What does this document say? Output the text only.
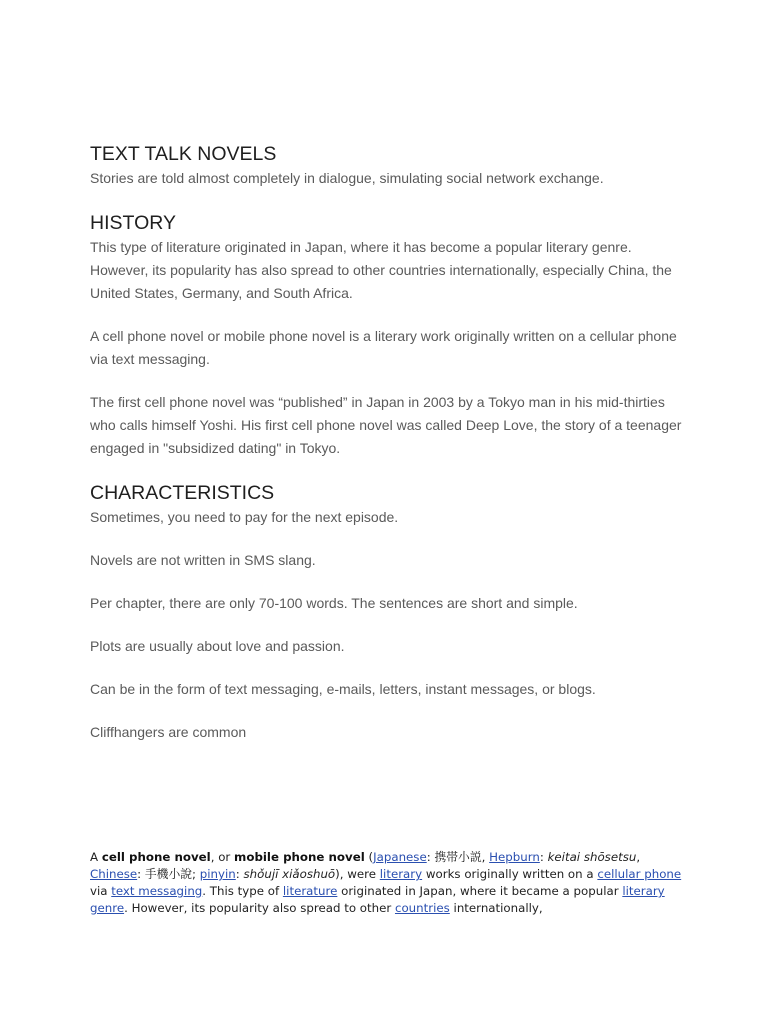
TEXT TALK NOVELS

Stories are told almost completely in dialogue, simulating social network exchange.

HISTORY

This type of literature originated in Japan, where it has become a popular literary genre. However, its popularity has also spread to other countries internationally, especially China, the United States, Germany, and South Africa.

A cell phone novel or mobile phone novel is a literary work originally written on a cellular phone via text messaging.

The first cell phone novel was “published” in Japan in 2003 by a Tokyo man in his mid-thirties who calls himself Yoshi. His first cell phone novel was called Deep Love, the story of a teenager engaged in "subsidized dating" in Tokyo.

CHARACTERISTICS

Sometimes, you need to pay for the next episode.

Novels are not written in SMS slang.

Per chapter, there are only 70-100 words. The sentences are short and simple.

Plots are usually about love and passion.

Can be in the form of text messaging, e-mails, letters, instant messages, or blogs.

Cliffhangers are common

A cell phone novel, or mobile phone novel (Japanese: 携帯小説, Hepburn: keitai shōsetsu, Chinese: 手機小說; pinyin: shǒujī xiǎoshuō), were literary works originally written on a cellular phone via text messaging. This type of literature originated in Japan, where it became a popular literary genre. However, its popularity also spread to other countries internationally,
